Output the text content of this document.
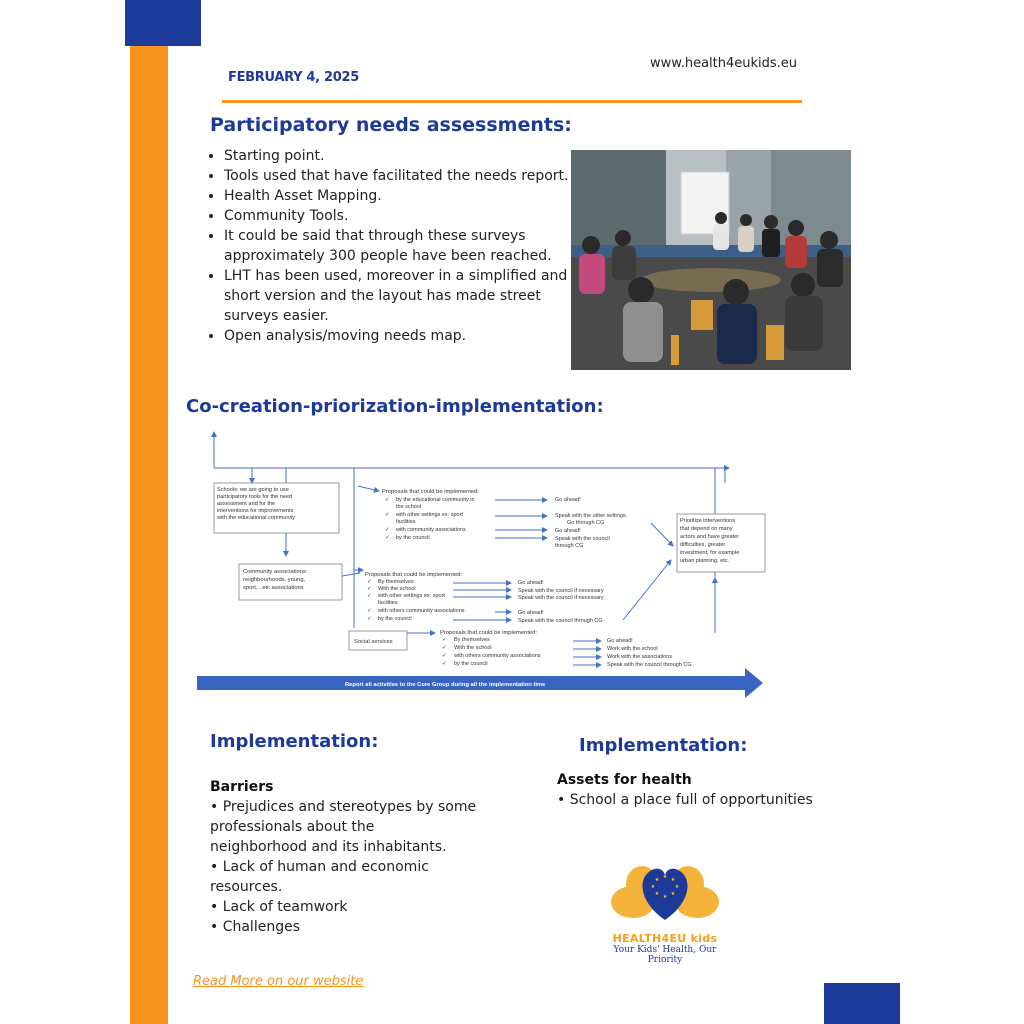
FEBRUARY 4, 2025
www.health4eukids.eu
Participatory needs assessments:
• Starting point.
• Tools used that have facilitated the needs report.
• Health Asset Mapping.
• Community Tools.
• It could be said that through these surveys approximately 300 people have been reached.
• LHT has been used, moreover in a simplified and short version and the layout has made street surveys easier.
• Open analysis/moving needs map.
Co-creation-priorization-implementation:
Schools: we are going to use participatory tools for the need assessment and for the interventions for improvements with the educational community
Community associations: neighbourhoods, young, sport, ..etc associations
Social services
Prioritize interventions that depend on many actors and have greater difficulties, greater investment, for example urban planning, etc.
Proposals that could be implemented:
✓ by the educational community in
the school
✓ with other settings ex: sport
facilities
✓ with community associations
✓ by the council
Go ahead!
Speak with the other settings.
Go through CG
Go ahead!
Speak with the council
through CG
Proposals that could be implemented:
✓ By themselves
✓ With the school
✓ with other settings ex: sport
facilities
✓ with others community associations
✓ by the council
Go ahead!
Speak with the council if necessary
Speak with the council if necessary
Go ahead!
Speak with the council through CG
Proposals that could be implemented:
✓ By themselves
✓ With the school
✓ with others community associations
✓ by the council
Go ahead!
Work with the school
Work with the associations
Speak with the council through CG
Report all activities to the Core Group during all the implementation time
Implementation:
Barriers
• Prejudices and stereotypes by some
professionals about the
neighborhood and its inhabitants.
• Lack of human and economic
resources.
• Lack of teamwork
• Challenges
Implementation:
Assets for health
• School a place full of opportunities
★ ★
★
★
★
★
★
★
HEALTH4EU kids
Your Kids' Health, Our Priority
Read More on our website
